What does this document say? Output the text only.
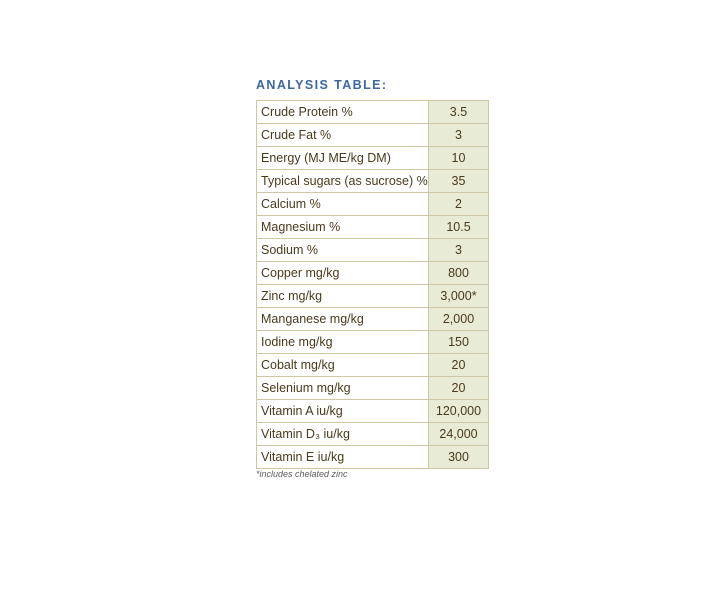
ANALYSIS TABLE:
Crude Protein %	3.5
Crude Fat %	3
Energy (MJ ME/kg DM)	10
Typical sugars (as sucrose) %	35
Calcium %	2
Magnesium %	10.5
Sodium %	3
Copper mg/kg	800
Zinc mg/kg	3,000*
Manganese mg/kg	2,000
Iodine mg/kg	150
Cobalt mg/kg	20
Selenium mg/kg	20
Vitamin A iu/kg	120,000
Vitamin D₃ iu/kg	24,000
Vitamin E iu/kg	300
*includes chelated zinc
